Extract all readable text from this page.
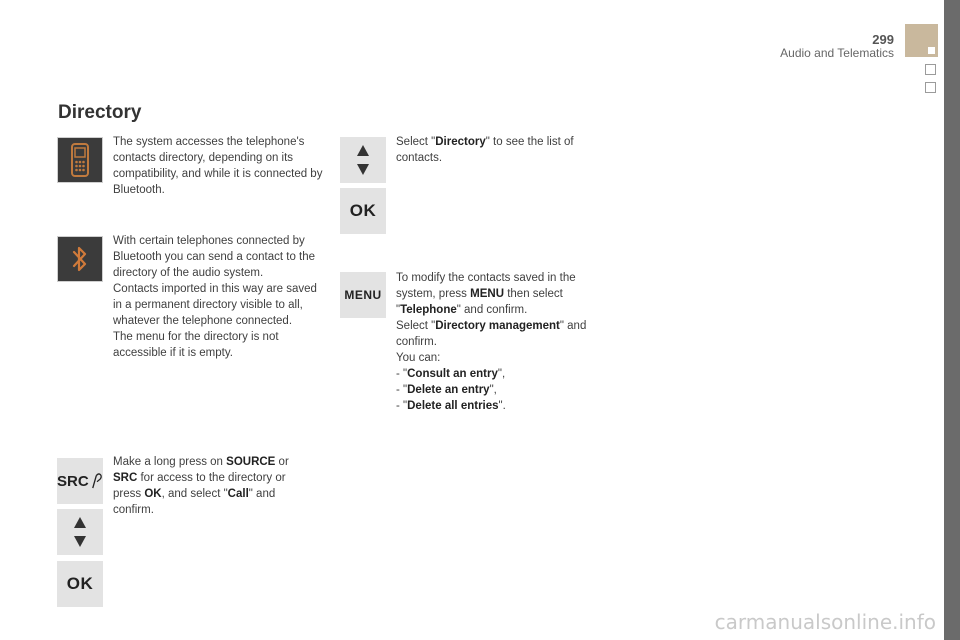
299
Audio and Telematics
Directory
SRC
OK
The system accesses the telephone's contacts directory, depending on its compatibility, and while it is connected by Bluetooth.

With certain telephones connected by Bluetooth you can send a contact to the directory of the audio system.

Contacts imported in this way are saved in a permanent directory visible to all, whatever the telephone connected.

The menu for the directory is not accessible if it is empty.

Make a long press on SOURCE or SRC for access to the directory or press OK, and select "Call" and confirm.
OK
MENU
Select "Directory" to see the list of contacts.

To modify the contacts saved in the system, press MENU then select "Telephone" and confirm.

Select "Directory management" and confirm.

You can:

- "Consult an entry",

- "Delete an entry",

- "Delete all entries".

carmanualsonline.info
